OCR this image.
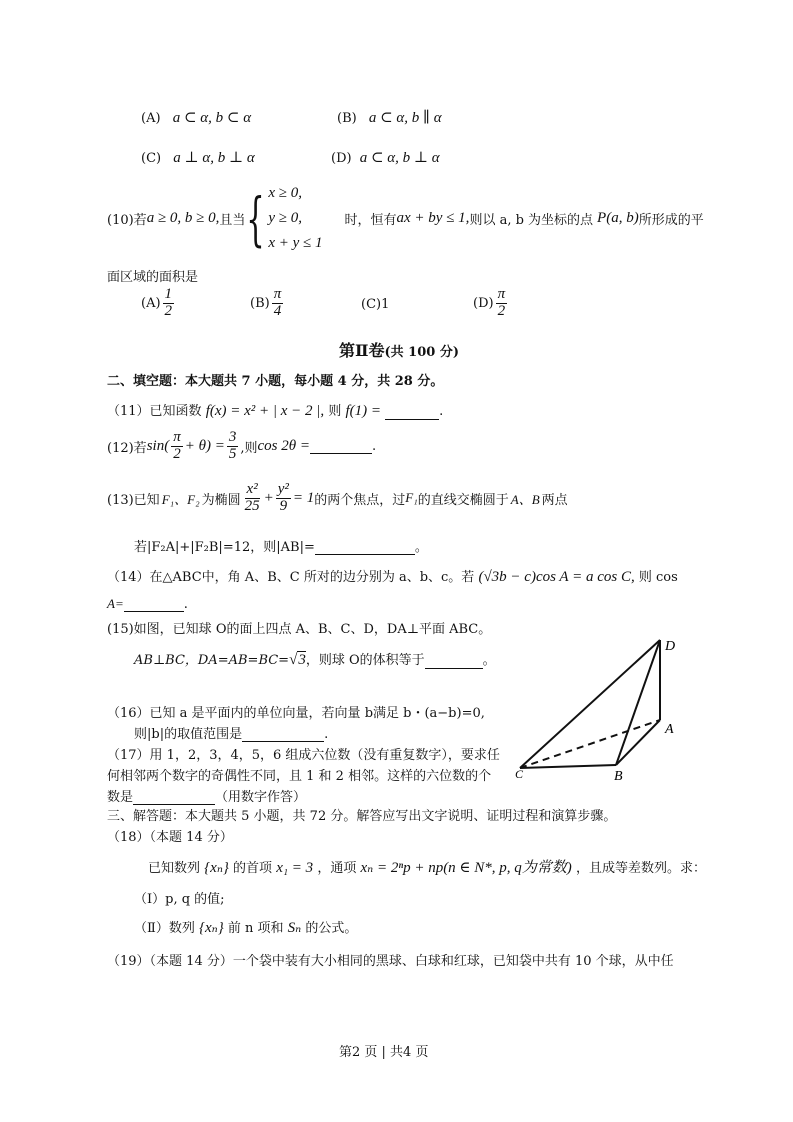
(A) a ⊂ α, b ⊂ α	(B) a ⊂ α, b ∥ α
(C) a ⊥ α, b ⊥ α	(D) a ⊂ α, b ⊥ α
(10)若 a ≥ 0, b ≥ 0, 且当 { x ≥ 0,
y ≥ 0,
x + y ≤ 1
时，恒有 ax + by ≤ 1, 则以 a, b 为坐标的点 P(a, b) 所形成的平
面区域的面积是
$(A) \frac{1}{2}$	$(B) \frac{\pi}{4}$	(C)1	$(D) \frac{\pi}{2}$
第Ⅱ卷(共 100 分)
二、填空题：本大题共 7 小题，每小题 4 分，共 28 分。
（11）已知函数 f(x) = x² + | x − 2 |, 则 f(1) =	.
(12)若 $\sin( \frac{\pi}{2} + \theta) = \frac{3}{5}$ ,则 cos 2θ =	.
(13)已知 F₁、F₂ 为椭圆 $\frac{\text{x²}}{25} + \frac{\text{y²}}{9} = 1$ 的两个焦点，过 F₁ 的直线交椭圆于 A、B 两点
若|F₂A|+|F₂B|=12，则|AB|=	。
（14）在△ABC中，角 A、B、C 所对的边分别为 a、b、c。若 (√3b − c)cos A = a cos C, 则 cos
A=	.
(15)如图，已知球 O的面上四点 A、B、C、D，DA⊥平面 ABC。
AB⊥BC，DA=AB=BC=√3，则球 O的体积等于	。
D
A
B
C
（16）已知 a 是平面内的单位向量，若向量 b满足 b・(a−b)=0,
则|b|的取值范围是	.
（17）用 1，2，3，4，5，6 组成六位数（没有重复数字），要求任
何相邻两个数字的奇偶性不同，且 1 和 2 相邻。这样的六位数的个
数是	（用数字作答）
三、解答题：本大题共 5 小题，共 72 分。解答应写出文字说明、证明过程和演算步骤。
（18）（本题 14 分）
已知数列 {xₙ} 的首项 x₁ = 3 ，通项 xₙ = 2ⁿp + np(n ∈ N*, p, q为常数) ，且成等差数列。求：
（Ⅰ）p, q 的值;
（Ⅱ）数列 {xₙ} 前 n 项和 Sₙ 的公式。
（19）（本题 14 分）一个袋中装有大小相同的黑球、白球和红球，已知袋中共有 10 个球，从中任
第2 页 | 共4 页
